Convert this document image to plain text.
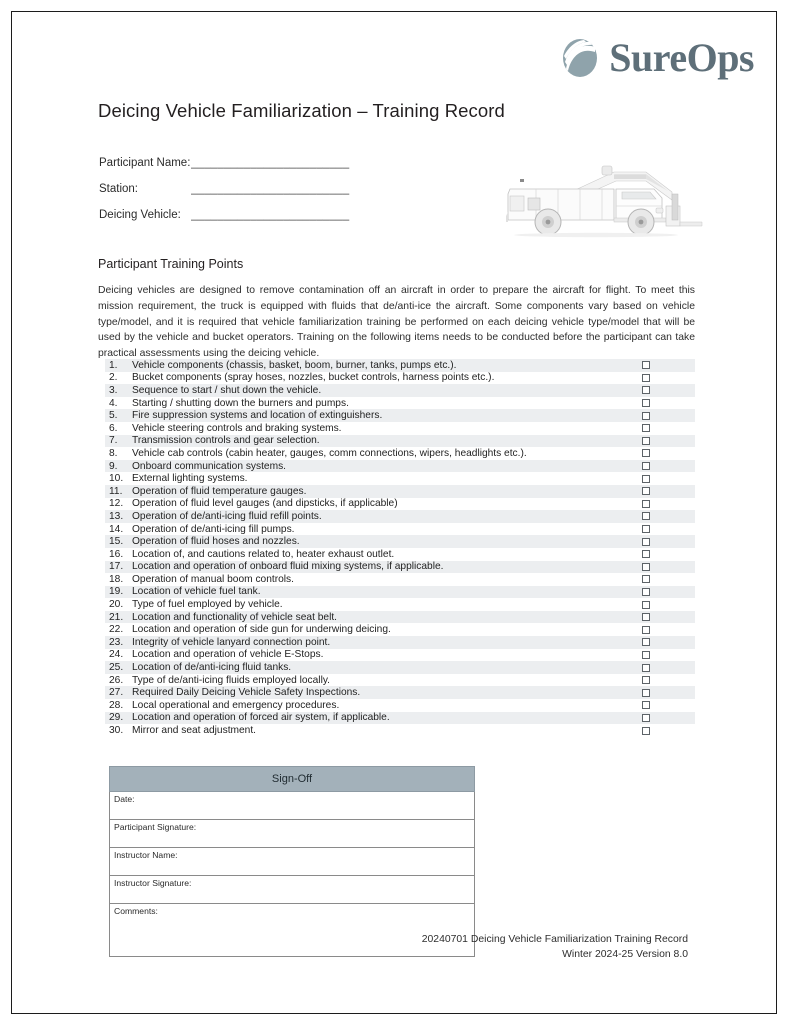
SureOps
Deicing Vehicle Familiarization – Training Record
Participant Name: ________________________
Station:	________________________
Deicing Vehicle: ________________________
Participant Training Points
Deicing vehicles are designed to remove contamination off an aircraft in order to prepare the aircraft for flight. To meet this mission requirement, the truck is equipped with fluids that de/anti-ice the aircraft. Some components vary based on vehicle type/model, and it is required that vehicle familiarization training be performed on each deicing vehicle type/model that will be used by the vehicle and bucket operators. Training on the following items needs to be conducted before the participant can take practical assessments using the deicing vehicle.
1.	Vehicle components (chassis, basket, boom, burner, tanks, pumps etc.).
2.	Bucket components (spray hoses, nozzles, bucket controls, harness points etc.).
3.	Sequence to start / shut down the vehicle.
4.	Starting / shutting down the burners and pumps.
5.	Fire suppression systems and location of extinguishers.
6.	Vehicle steering controls and braking systems.
7.	Transmission controls and gear selection.
8.	Vehicle cab controls (cabin heater, gauges, comm connections, wipers, headlights etc.).
9.	Onboard communication systems.
10. External lighting systems.
11. Operation of fluid temperature gauges.
12. Operation of fluid level gauges (and dipsticks, if applicable)
13. Operation of de/anti-icing fluid refill points.
14. Operation of de/anti-icing fill pumps.
15. Operation of fluid hoses and nozzles.
16. Location of, and cautions related to, heater exhaust outlet.
17. Location and operation of onboard fluid mixing systems, if applicable.
18. Operation of manual boom controls.
19. Location of vehicle fuel tank.
20. Type of fuel employed by vehicle.
21. Location and functionality of vehicle seat belt.
22. Location and operation of side gun for underwing deicing.
23. Integrity of vehicle lanyard connection point.
24. Location and operation of vehicle E-Stops.
25. Location of de/anti-icing fluid tanks.
26. Type of de/anti-icing fluids employed locally.
27. Required Daily Deicing Vehicle Safety Inspections.
28. Local operational and emergency procedures.
29. Location and operation of forced air system, if applicable.
30. Mirror and seat adjustment.
Sign-Off
Date:
Participant Signature:
Instructor Name:
Instructor Signature:
Comments:
20240701 Deicing Vehicle Familiarization Training Record
Winter 2024-25 Version 8.0
